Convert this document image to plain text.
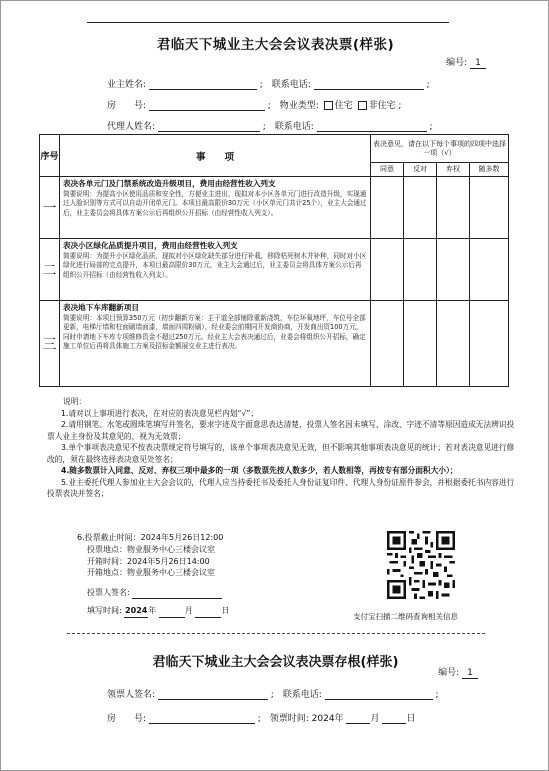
君临天下城业主大会会议表决票(样张)
编号: 1
业主姓名:	; 联系电话:	;
房　　号:	; 物业类型: 住宅 非住宅 ;
代理人姓名:	; 联系电话:	;
序号	事　　项	表决意见，请在以下每个事项的四项中选择一项（√）			
		同意	反对	弃权	随多数
一	表决各单元门及门禁系统改造升级项目，费用由经营性收入列支
简要说明：为提高小区使用品质和安全性，方便业主进出，现拟对本小区各单元门进行改造升级，实现通过人脸识别等方式可以自动开闭单元门。本项目最高限价30万元（小区单元门共计25个），业主大会通过后，业主委员会将具体方案公示后再组织公开招标（由经营性收入列支）。				
二	表决小区绿化品质提升项目，费用由经营性收入列支
简要说明：为提升小区绿化品质，现拟对小区绿化缺失部分进行补栽，移除枯死树木并补种，同时对小区绿化进行局部的完点提升，本项目最高限价30万元，业主大会通过后，业主委员会将具体方案公示后再组织公开招标（由经营性收入列支）。				
三	表决地下车库翻新项目
简要说明：本项目预算350万元（初步翻新方案：主干道全部铺除重新浇筑，车位环氧地坪，车位号全部更新，电梯厅墙和柱面刷墙面漆，墙面四周粉刷），经业委会前期同开发商协商，开发商出资100万元，同时申请地下车库专项维修资金不超过250万元。经业主大会表决通过后，业委会将组织公开招标，确定施工单位后再将具体施工方案及招标金额展交业主进行表决。				

说明：

1.请对以上事项进行表决，在对应的表决意见栏内划“√”；

2.请用钢笔、水笔或圆珠笔填写并签名，要求字迹及字面意思表达清楚，投票人签名因未填写、涂改、字迹不清等原因造成无法辨识投票人业主身份及其意见的，视为无效票；

3.单个事项表决意见不按表决票规定符号填写的，该单个事项表决意见无效，但不影响其他事项表决意见的统计；若对表决意见进行修改的，须在最终选择表决意见处签名；

4.随多数票计入同意、反对、弃权三项中最多的一项（多数票先按人数多少，若人数相等，再按专有部分面积大小）；

5.业主委托代理人参加业主大会会议的，代理人应当持委托书及委托人身份证复印件、代理人身份证原件参会，并根据委托书内容进行投票表决并签名；

6.投票截止时间：2024年5月26日12:00

投票地点：物业服务中心三楼会议室

开箱时间：2024年5月26日14:00

开箱地点：物业服务中心三楼会议室

投票人签名:

填写时间: 2024年	月	日

支付宝扫描二维码查询相关信息
君临天下城业主大会会议表决票存根(样张)
编号: 1
领票人签名:	; 联系电话:	;
房　　号:	; 领票时间: 2024年	月	日
